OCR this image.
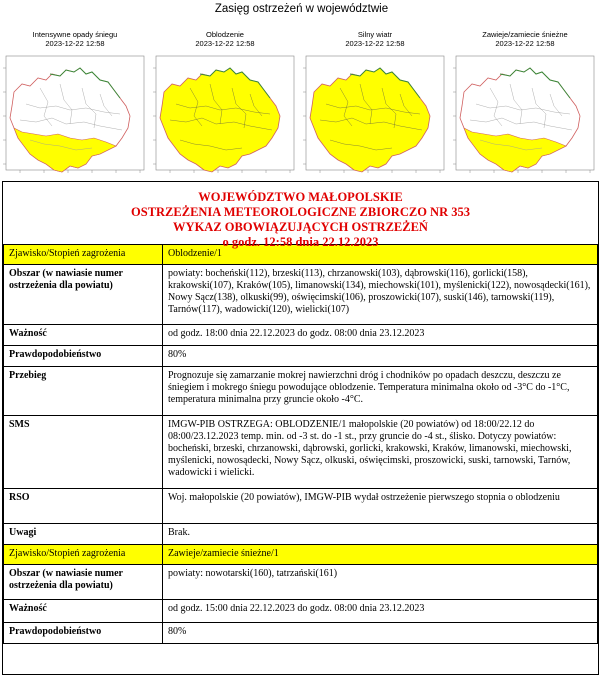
Zasięg ostrzeżeń w województwie
Intensywne opady śniegu
2023-12-22 12:58
Oblodzenie
2023-12-22 12:58
Silny wiatr
2023-12-22 12:58
Zawieje/zamiecie śnieżne
2023-12-22 12:58
WOJEWÓDZTWO MAŁOPOLSKIE
OSTRZEŻENIA METEOROLOGICZNE ZBIORCZO NR 353
WYKAZ OBOWIĄZUJĄCYCH OSTRZEŻEŃ
o godz. 12:58 dnia 22.12.2023
Zjawisko/Stopień zagrożenia	Oblodzenie/1
Obszar (w nawiasie numer ostrzeżenia dla powiatu)	powiaty: bocheński(112), brzeski(113), chrzanowski(103), dąbrowski(116), gorlicki(158), krakowski(107), Kraków(105), limanowski(134), miechowski(101), myślenicki(122), nowosądecki(161), Nowy Sącz(138), olkuski(99), oświęcimski(106), proszowicki(107), suski(146), tarnowski(119), Tarnów(117), wadowicki(120), wielicki(107)
Ważność	od godz. 18:00 dnia 22.12.2023 do godz. 08:00 dnia 23.12.2023
Prawdopodobieństwo	80%
Przebieg	Prognozuje się zamarzanie mokrej nawierzchni dróg i chodników po opadach deszczu, deszczu ze śniegiem i mokrego śniegu powodujące oblodzenie. Temperatura minimalna około od -3°C do -1°C, temperatura minimalna przy gruncie około -4°C.
SMS	IMGW-PIB OSTRZEGA: OBLODZENIE/1 małopolskie (20 powiatów) od 18:00/22.12 do 08:00/23.12.2023 temp. min. od -3 st. do -1 st., przy gruncie do -4 st., ślisko. Dotyczy powiatów: bocheński, brzeski, chrzanowski, dąbrowski, gorlicki, krakowski, Kraków, limanowski, miechowski, myślenicki, nowosądecki, Nowy Sącz, olkuski, oświęcimski, proszowicki, suski, tarnowski, Tarnów, wadowicki i wielicki.
RSO	Woj. małopolskie (20 powiatów), IMGW-PIB wydał ostrzeżenie pierwszego stopnia o oblodzeniu
Uwagi	Brak.
Zjawisko/Stopień zagrożenia	Zawieje/zamiecie śnieżne/1
Obszar (w nawiasie numer ostrzeżenia dla powiatu)	powiaty: nowotarski(160), tatrzański(161)
Ważność	od godz. 15:00 dnia 22.12.2023 do godz. 08:00 dnia 23.12.2023
Prawdopodobieństwo	80%
